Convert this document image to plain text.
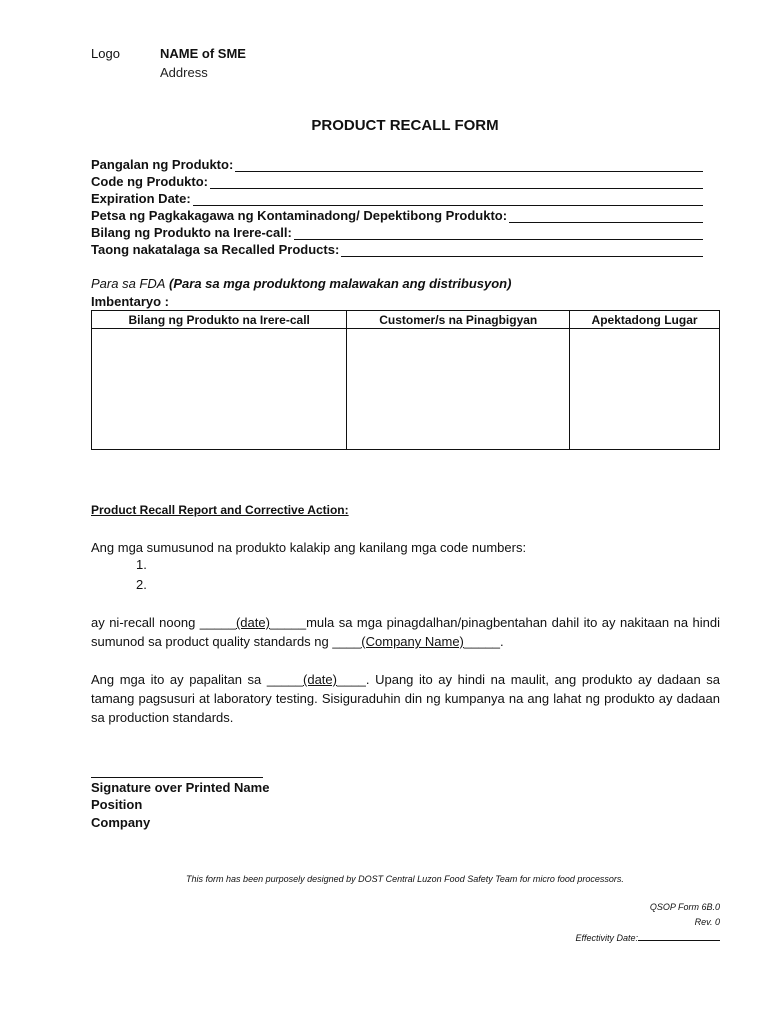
Logo	NAME of SME
Address
PRODUCT RECALL FORM
Pangalan ng Produkto:
Code ng Produkto:
Expiration Date:
Petsa ng Pagkakagawa ng Kontaminadong/ Depektibong Produkto:
Bilang ng Produkto na Irere-call:
Taong nakatalaga sa Recalled Products:
Para sa FDA (Para sa mga produktong malawakan ang distribusyon)
Imbentaryo :
Bilang ng Produkto na Irere-call	Customer/s na Pinagbigyan	Apektadong Lugar

Product Recall Report and Corrective Action:
Ang mga sumusunod na produkto kalakip ang kanilang mga code numbers:
1.
2.
ay ni-recall noong _____(date)_____mula sa mga pinagdalhan/pinagbentahan dahil ito ay nakitaan na hindi sumunod sa product quality standards ng ____(Company Name)_____.
Ang mga ito ay papalitan sa _____(date)____. Upang ito ay hindi na maulit, ang produkto ay dadaan sa tamang pagsusuri at laboratory testing. Sisiguraduhin din ng kumpanya na ang lahat ng produkto ay dadaan sa production standards.
Signature over Printed Name
Position
Company
This form has been purposely designed by DOST Central Luzon Food Safety Team for micro food processors.
QSOP Form 6B.0
Rev. 0
Effectivity Date:
